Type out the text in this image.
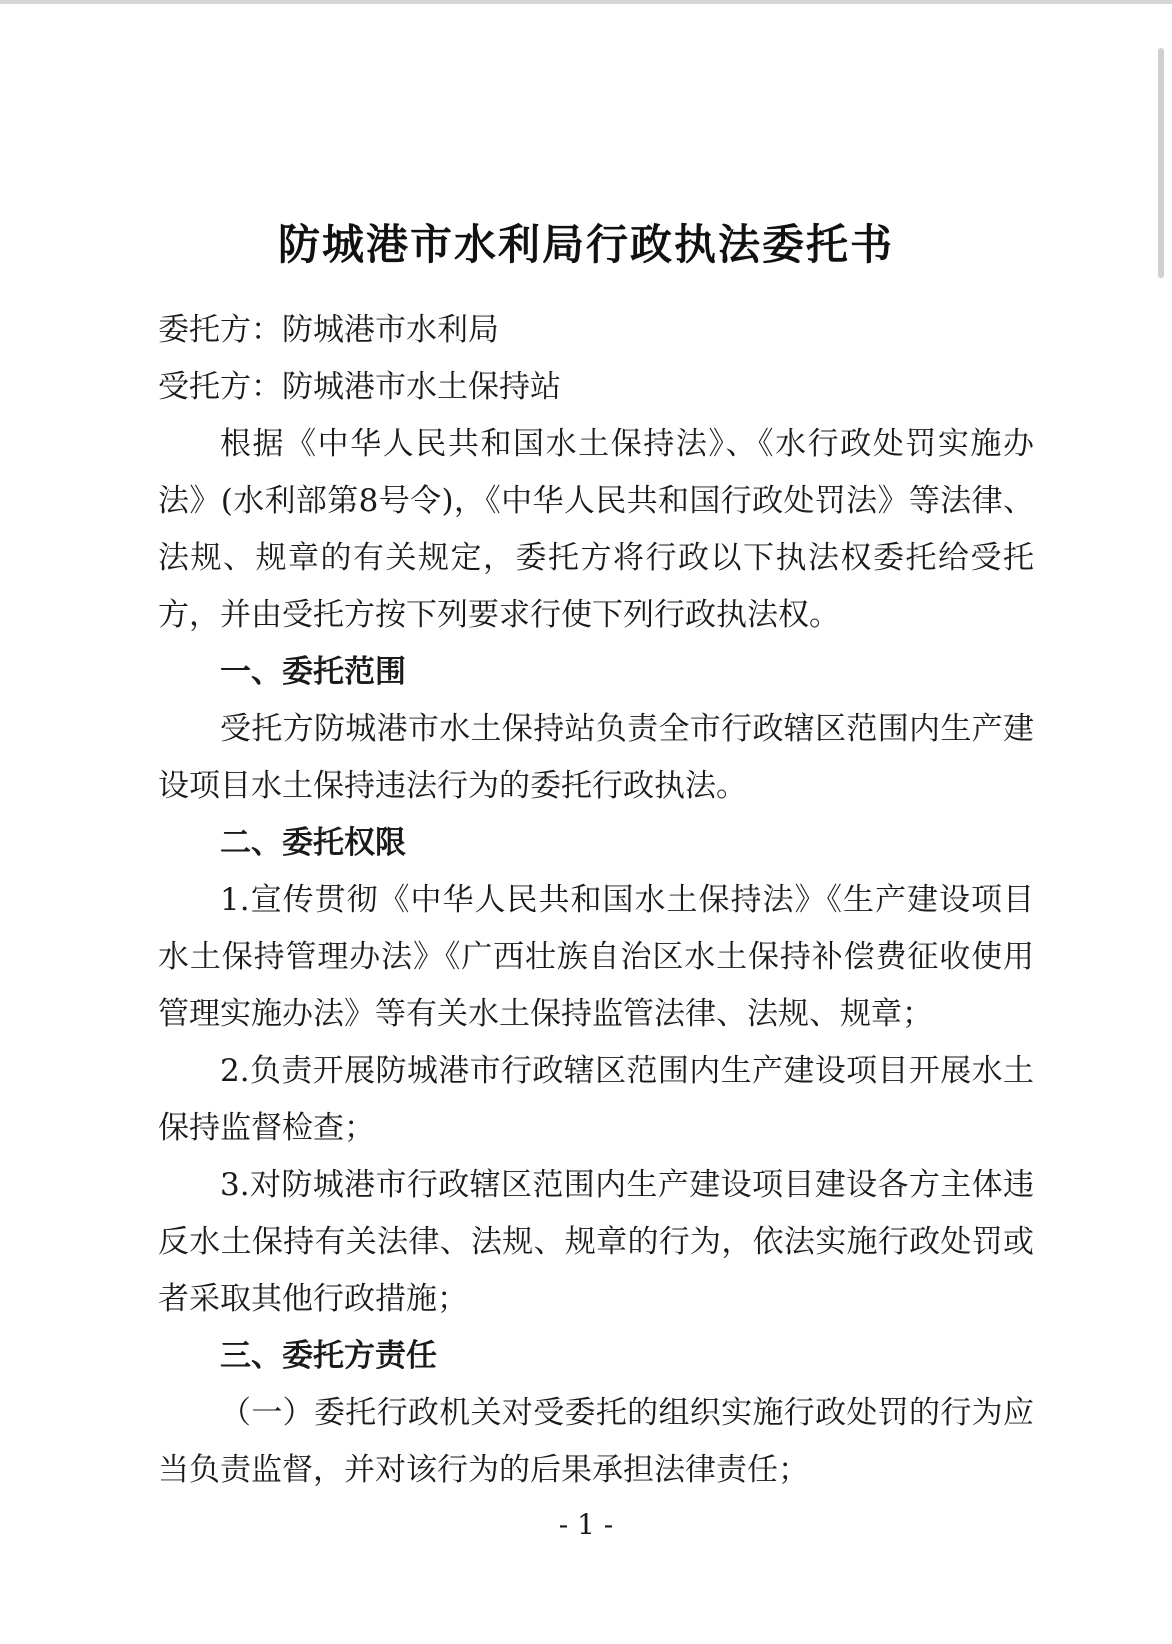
防城港市水利局行政执法委托书

委托方：防城港市水利局

受托方：防城港市水土保持站

根据《中华人民共和国水土保持法》、《水行政处罚实施办法》(水利部第8号令)，《中华人民共和国行政处罚法》等法律、法规、规章的有关规定，委托方将行政以下执法权委托给受托方，并由受托方按下列要求行使下列行政执法权。

一、委托范围

受托方防城港市水土保持站负责全市行政辖区范围内生产建设项目水土保持违法行为的委托行政执法。

二、委托权限

1.宣传贯彻《中华人民共和国水土保持法》《生产建设项目水土保持管理办法》《广西壮族自治区水土保持补偿费征收使用管理实施办法》等有关水土保持监管法律、法规、规章；

2.负责开展防城港市行政辖区范围内生产建设项目开展水土保持监督检查；

3.对防城港市行政辖区范围内生产建设项目建设各方主体违反水土保持有关法律、法规、规章的行为，依法实施行政处罚或者采取其他行政措施；

三、委托方责任

（一）委托行政机关对受委托的组织实施行政处罚的行为应当负责监督，并对该行为的后果承担法律责任；

- 1 -
